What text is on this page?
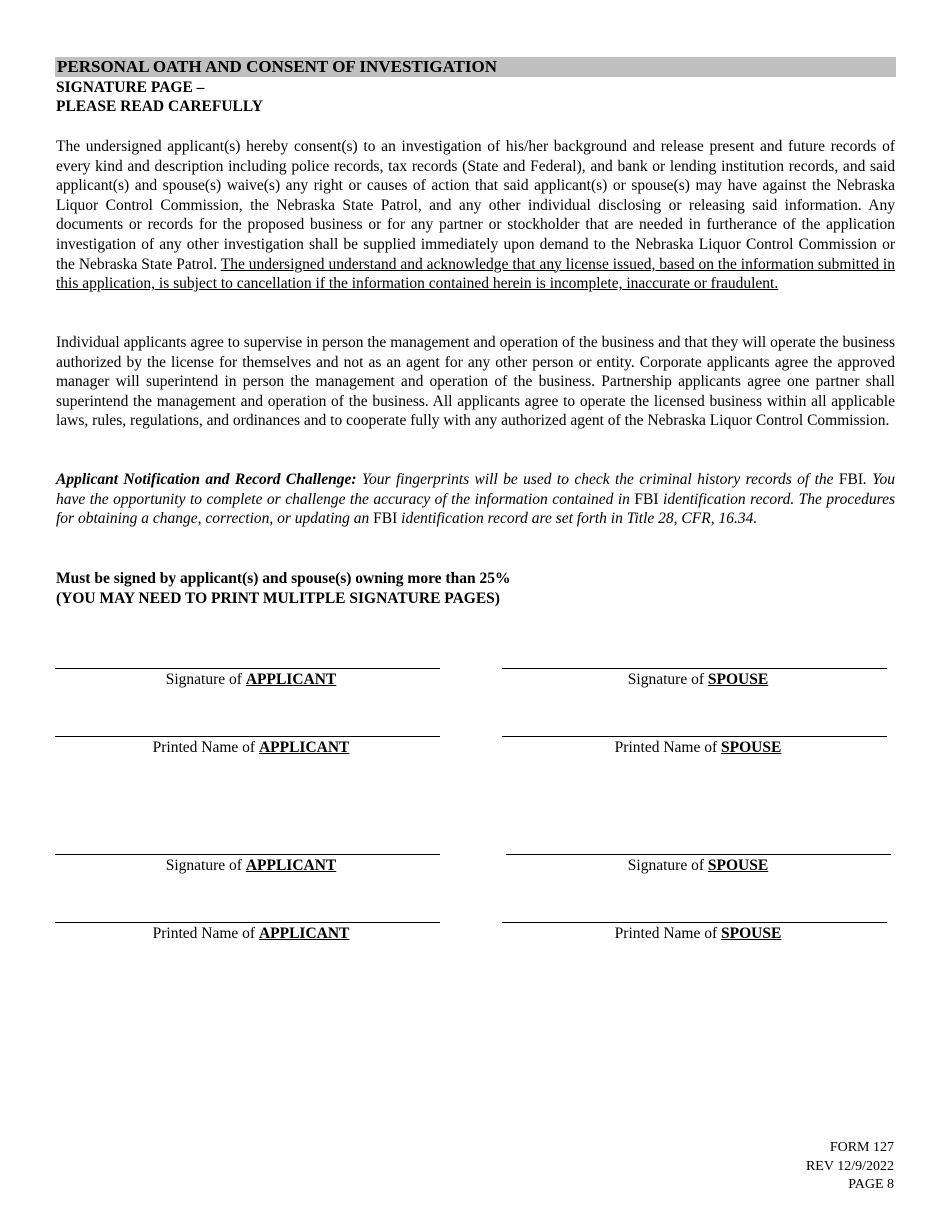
PERSONAL OATH AND CONSENT OF INVESTIGATION
SIGNATURE PAGE –
PLEASE READ CAREFULLY

The undersigned applicant(s) hereby consent(s) to an investigation of his/her background and release present and future records of every kind and description including police records, tax records (State and Federal), and bank or lending institution records, and said applicant(s) and spouse(s) waive(s) any right or causes of action that said applicant(s) or spouse(s) may have against the Nebraska Liquor Control Commission, the Nebraska State Patrol, and any other individual disclosing or releasing said information. Any documents or records for the proposed business or for any partner or stockholder that are needed in furtherance of the application investigation of any other investigation shall be supplied immediately upon demand to the Nebraska Liquor Control Commission or the Nebraska State Patrol. The undersigned understand and acknowledge that any license issued, based on the information submitted in this application, is subject to cancellation if the information contained herein is incomplete, inaccurate or fraudulent.

Individual applicants agree to supervise in person the management and operation of the business and that they will operate the business authorized by the license for themselves and not as an agent for any other person or entity. Corporate applicants agree the approved manager will superintend in person the management and operation of the business. Partnership applicants agree one partner shall superintend the management and operation of the business. All applicants agree to operate the licensed business within all applicable laws, rules, regulations, and ordinances and to cooperate fully with any authorized agent of the Nebraska Liquor Control Commission.

Applicant Notification and Record Challenge: Your fingerprints will be used to check the criminal history records of the FBI. You have the opportunity to complete or challenge the accuracy of the information contained in FBI identification record. The procedures for obtaining a change, correction, or updating an FBI identification record are set forth in Title 28, CFR, 16.34.

Must be signed by applicant(s) and spouse(s) owning more than 25%
(YOU MAY NEED TO PRINT MULITPLE SIGNATURE PAGES)
Signature of APPLICANT	Signature of SPOUSE
Printed Name of APPLICANT	Printed Name of SPOUSE
Signature of APPLICANT	Signature of SPOUSE
Printed Name of APPLICANT	Printed Name of SPOUSE
FORM 127
REV 12/9/2022
PAGE 8
